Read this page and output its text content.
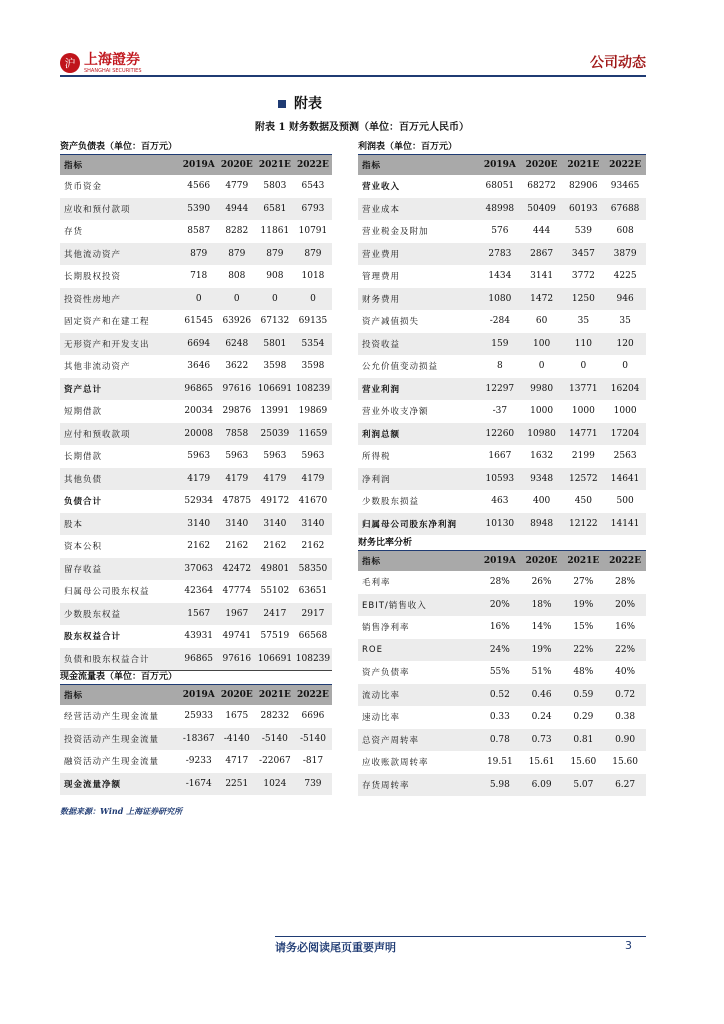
沪 上海證券
SHANGHAI SECURITIES	公司动态
附表
附表 1 财务数据及预测（单位：百万元人民币）
资产负债表（单位：百万元）
指标	2019A	2020E	2021E	2022E
货币资金	4566	4779	5803	6543
应收和预付款项	5390	4944	6581	6793
存货	8587	8282	11861	10791
其他流动资产	879	879	879	879
长期股权投资	718	808	908	1018
投资性房地产	0	0	0	0
固定资产和在建工程	61545	63926	67132	69135
无形资产和开发支出	6694	6248	5801	5354
其他非流动资产	3646	3622	3598	3598
资产总计	96865	97616	106691	108239
短期借款	20034	29876	13991	19869
应付和预收款项	20008	7858	25039	11659
长期借款	5963	5963	5963	5963
其他负债	4179	4179	4179	4179
负债合计	52934	47875	49172	41670
股本	3140	3140	3140	3140
资本公积	2162	2162	2162	2162
留存收益	37063	42472	49801	58350
归属母公司股东权益	42364	47774	55102	63651
少数股东权益	1567	1967	2417	2917
股东权益合计	43931	49741	57519	66568
负债和股东权益合计	96865	97616	106691	108239
现金流量表（单位：百万元）
指标	2019A	2020E	2021E	2022E
经营活动产生现金流量	25933	1675	28232	6696
投资活动产生现金流量	-18367	-4140	-5140	-5140
融资活动产生现金流量	-9233	4717	-22067	-817
现金流量净额	-1674	2251	1024	739
利润表（单位：百万元）
指标	2019A	2020E	2021E	2022E
营业收入	68051	68272	82906	93465
营业成本	48998	50409	60193	67688
营业税金及附加	576	444	539	608
营业费用	2783	2867	3457	3879
管理费用	1434	3141	3772	4225
财务费用	1080	1472	1250	946
资产减值损失	-284	60	35	35
投资收益	159	100	110	120
公允价值变动损益	8	0	0	0
营业利润	12297	9980	13771	16204
营业外收支净额	-37	1000	1000	1000
利润总额	12260	10980	14771	17204
所得税	1667	1632	2199	2563
净利润	10593	9348	12572	14641
少数股东损益	463	400	450	500
归属母公司股东净利润	10130	8948	12122	14141
财务比率分析
指标	2019A	2020E	2021E	2022E
毛利率	28%	26%	27%	28%
EBIT/销售收入	20%	18%	19%	20%
销售净利率	16%	14%	15%	16%
ROE	24%	19%	22%	22%
资产负债率	55%	51%	48%	40%
流动比率	0.52	0.46	0.59	0.72
速动比率	0.33	0.24	0.29	0.38
总资产周转率	0.78	0.73	0.81	0.90
应收账款周转率	19.51	15.61	15.60	15.60
存货周转率	5.98	6.09	5.07	6.27
数据来源：Wind 上海证券研究所
请务必阅读尾页重要声明	3
